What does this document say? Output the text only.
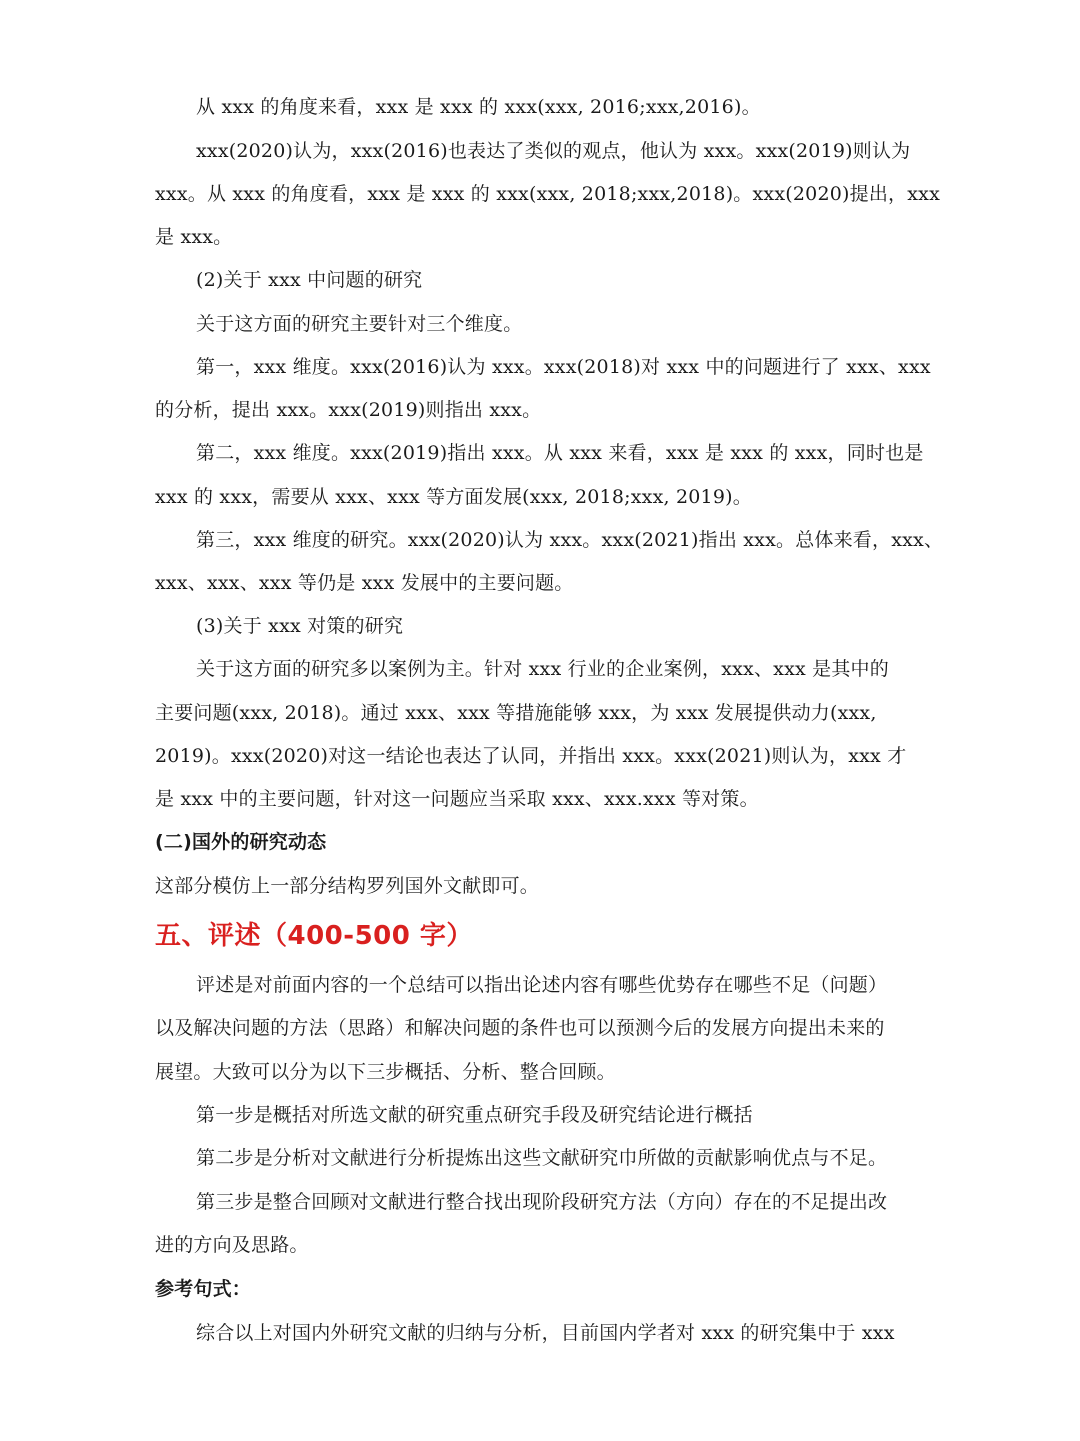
从 xxx 的角度来看，xxx 是 xxx 的 xxx(xxx, 2016;xxx,2016)。
xxx(2020)认为，xxx(2016)也表达了类似的观点，他认为 xxx。xxx(2019)则认为
xxx。从 xxx 的角度看，xxx 是 xxx 的 xxx(xxx, 2018;xxx,2018)。xxx(2020)提出，xxx
是 xxx。
(2)关于 xxx 中问题的研究
关于这方面的研究主要针对三个维度。
第一，xxx 维度。xxx(2016)认为 xxx。xxx(2018)对 xxx 中的问题进行了 xxx、xxx
的分析，提出 xxx。xxx(2019)则指出 xxx。
第二，xxx 维度。xxx(2019)指出 xxx。从 xxx 来看，xxx 是 xxx 的 xxx，同时也是
xxx 的 xxx，需要从 xxx、xxx 等方面发展(xxx, 2018;xxx, 2019)。
第三，xxx 维度的研究。xxx(2020)认为 xxx。xxx(2021)指出 xxx。总体来看，xxx、
xxx、xxx、xxx 等仍是 xxx 发展中的主要问题。
(3)关于 xxx 对策的研究
关于这方面的研究多以案例为主。针对 xxx 行业的企业案例，xxx、xxx 是其中的
主要问题(xxx, 2018)。通过 xxx、xxx 等措施能够 xxx，为 xxx 发展提供动力(xxx,
2019)。xxx(2020)对这一结论也表达了认同，并指出 xxx。xxx(2021)则认为，xxx 才
是 xxx 中的主要问题，针对这一问题应当采取 xxx、xxx.xxx 等对策。
(二)国外的研究动态
这部分模仿上一部分结构罗列国外文献即可。
五、评述（400-500 字）
评述是对前面内容的一个总结可以指出论述内容有哪些优势存在哪些不足（问题）
以及解决问题的方法（思路）和解决问题的条件也可以预测今后的发展方向提出未来的
展望。大致可以分为以下三步概括、分析、整合回顾。
第一步是概括对所选文献的研究重点研究手段及研究结论进行概括
第二步是分析对文献进行分析提炼出这些文献研究巾所做的贡献影响优点与不足。
第三步是整合回顾对文献进行整合找出现阶段研究方法（方向）存在的不足提出改
进的方向及思路。
参考句式：
综合以上对国内外研究文献的归纳与分析，目前国内学者对 xxx 的研究集中于 xxx
